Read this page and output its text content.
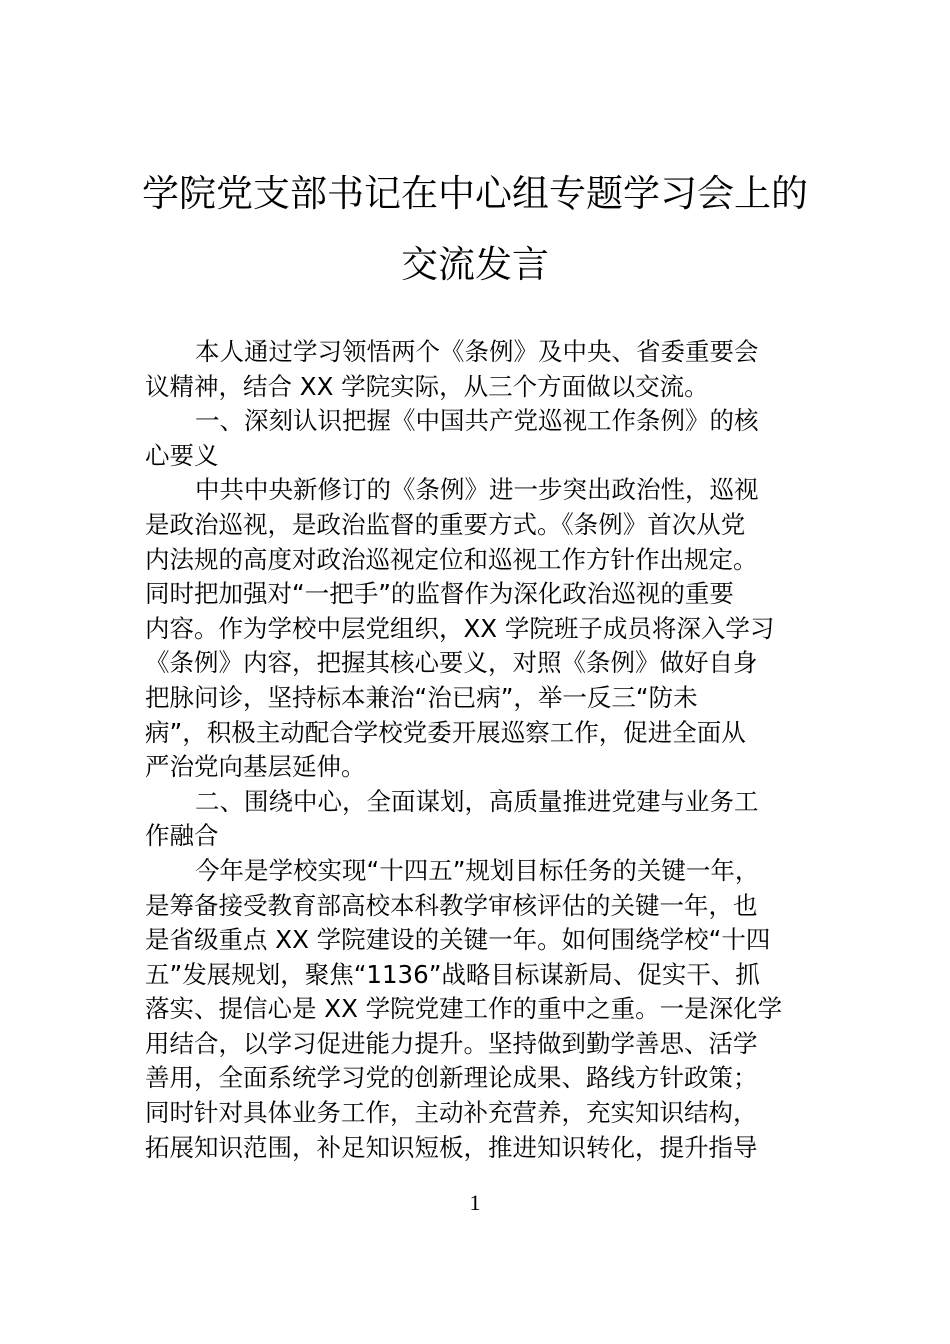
学院党支部书记在中心组专题学习会上的
交流发言
本人通过学习领悟两个《条例》及中央、省委重要会
议精神，结合 XX 学院实际，从三个方面做以交流。
一、深刻认识把握《中国共产党巡视工作条例》的核
心要义
中共中央新修订的《条例》进一步突出政治性，巡视
是政治巡视，是政治监督的重要方式。《条例》首次从党
内法规的高度对政治巡视定位和巡视工作方针作出规定。
同时把加强对“一把手”的监督作为深化政治巡视的重要
内容。作为学校中层党组织，XX 学院班子成员将深入学习
《条例》内容，把握其核心要义，对照《条例》做好自身
把脉问诊，坚持标本兼治“治已病”，举一反三“防未
病”，积极主动配合学校党委开展巡察工作，促进全面从
严治党向基层延伸。
二、围绕中心，全面谋划，高质量推进党建与业务工
作融合
今年是学校实现“十四五”规划目标任务的关键一年，
是筹备接受教育部高校本科教学审核评估的关键一年，也
是省级重点 XX 学院建设的关键一年。如何围绕学校“十四
五”发展规划，聚焦“1136”战略目标谋新局、促实干、抓
落实、提信心是 XX 学院党建工作的重中之重。一是深化学
用结合，以学习促进能力提升。坚持做到勤学善思、活学
善用，全面系统学习党的创新理论成果、路线方针政策；
同时针对具体业务工作，主动补充营养，充实知识结构，
拓展知识范围，补足知识短板，推进知识转化，提升指导
1
